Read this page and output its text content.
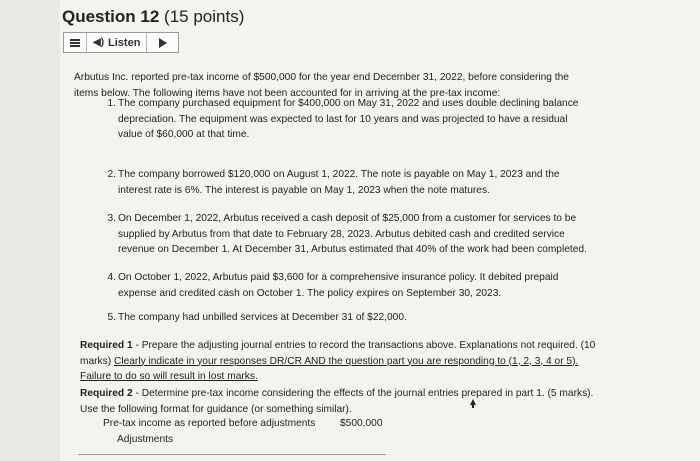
Question 12 (15 points)
◀) Listen
Arbutus Inc. reported pre-tax income of $500,000 for the year end December 31, 2022, before considering the items below. The following items have not been accounted for in arriving at the pre-tax income:
1. The company purchased equipment for $400,000 on May 31, 2022 and uses double declining balance depreciation. The equipment was expected to last for 10 years and was projected to have a residual value of $60,000 at that time.
2. The company borrowed $120,000 on August 1, 2022. The note is payable on May 1, 2023 and the interest rate is 6%. The interest is payable on May 1, 2023 when the note matures.
3. On December 1, 2022, Arbutus received a cash deposit of $25,000 from a customer for services to be supplied by Arbutus from that date to February 28, 2023. Arbutus debited cash and credited service revenue on December 1. At December 31, Arbutus estimated that 40% of the work had been completed.
4. On October 1, 2022, Arbutus paid $3,600 for a comprehensive insurance policy. It debited prepaid expense and credited cash on October 1. The policy expires on September 30, 2023.
5. The company had unbilled services at December 31 of $22,000.
Required 1 - Prepare the adjusting journal entries to record the transactions above. Explanations not required. (10 marks) Clearly indicate in your responses DR/CR AND the question part you are responding to (1, 2, 3, 4 or 5). Failure to do so will result in lost marks.
Required 2 - Determine pre-tax income considering the effects of the journal entries prepared in part 1. (5 marks). Use the following format for guidance (or something similar).
Pre-tax income as reported before adjustments $500,000
Adjustments
